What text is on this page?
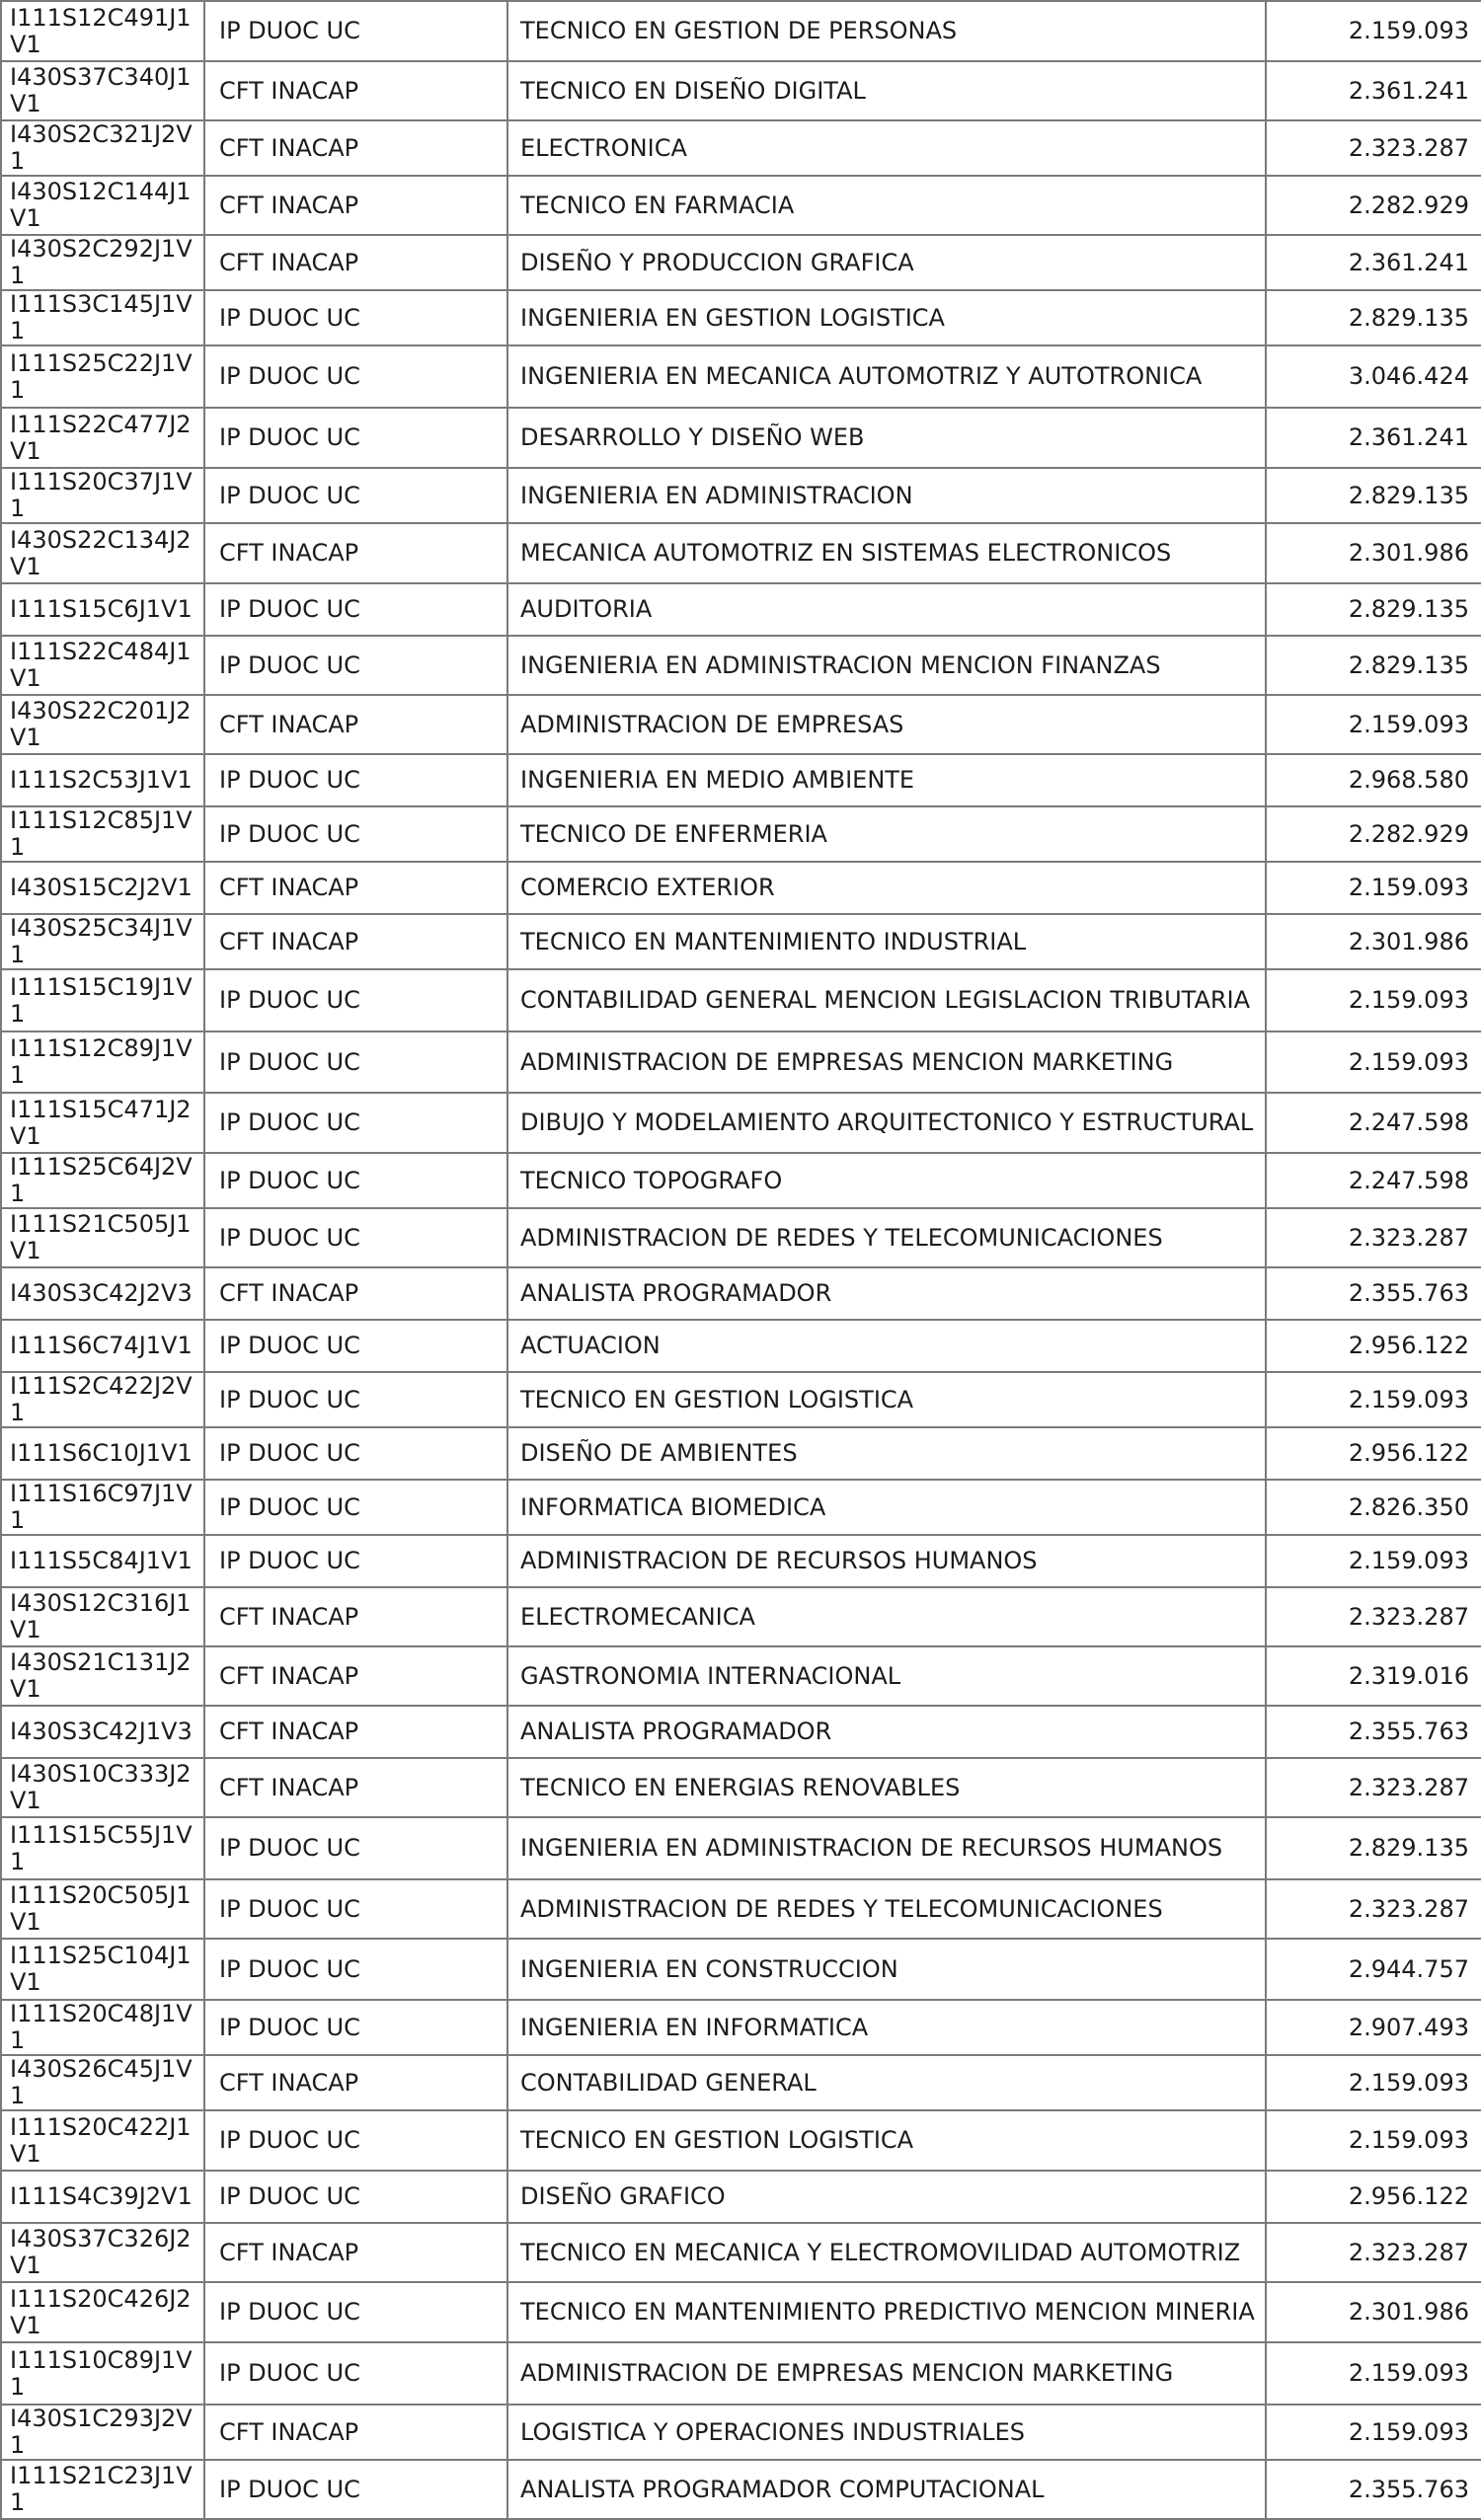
I111S12C491J1V1	IP DUOC UC	TECNICO EN GESTION DE PERSONAS	2.159.093
I430S37C340J1V1	CFT INACAP	TECNICO EN DISEÑO DIGITAL	2.361.241
I430S2C321J2V1	CFT INACAP	ELECTRONICA	2.323.287
I430S12C144J1V1	CFT INACAP	TECNICO EN FARMACIA	2.282.929
I430S2C292J1V1	CFT INACAP	DISEÑO Y PRODUCCION GRAFICA	2.361.241
I111S3C145J1V1	IP DUOC UC	INGENIERIA EN GESTION LOGISTICA	2.829.135
I111S25C22J1V1	IP DUOC UC	INGENIERIA EN MECANICA AUTOMOTRIZ Y AUTOTRONICA	3.046.424
I111S22C477J2V1	IP DUOC UC	DESARROLLO Y DISEÑO WEB	2.361.241
I111S20C37J1V1	IP DUOC UC	INGENIERIA EN ADMINISTRACION	2.829.135
I430S22C134J2V1	CFT INACAP	MECANICA AUTOMOTRIZ EN SISTEMAS ELECTRONICOS	2.301.986
I111S15C6J1V1	IP DUOC UC	AUDITORIA	2.829.135
I111S22C484J1V1	IP DUOC UC	INGENIERIA EN ADMINISTRACION MENCION FINANZAS	2.829.135
I430S22C201J2V1	CFT INACAP	ADMINISTRACION DE EMPRESAS	2.159.093
I111S2C53J1V1	IP DUOC UC	INGENIERIA EN MEDIO AMBIENTE	2.968.580
I111S12C85J1V1	IP DUOC UC	TECNICO DE ENFERMERIA	2.282.929
I430S15C2J2V1	CFT INACAP	COMERCIO EXTERIOR	2.159.093
I430S25C34J1V1	CFT INACAP	TECNICO EN MANTENIMIENTO INDUSTRIAL	2.301.986
I111S15C19J1V1	IP DUOC UC	CONTABILIDAD GENERAL MENCION LEGISLACION TRIBUTARIA	2.159.093
I111S12C89J1V1	IP DUOC UC	ADMINISTRACION DE EMPRESAS MENCION MARKETING	2.159.093
I111S15C471J2V1	IP DUOC UC	DIBUJO Y MODELAMIENTO ARQUITECTONICO Y ESTRUCTURAL	2.247.598
I111S25C64J2V1	IP DUOC UC	TECNICO TOPOGRAFO	2.247.598
I111S21C505J1V1	IP DUOC UC	ADMINISTRACION DE REDES Y TELECOMUNICACIONES	2.323.287
I430S3C42J2V3	CFT INACAP	ANALISTA PROGRAMADOR	2.355.763
I111S6C74J1V1	IP DUOC UC	ACTUACION	2.956.122
I111S2C422J2V1	IP DUOC UC	TECNICO EN GESTION LOGISTICA	2.159.093
I111S6C10J1V1	IP DUOC UC	DISEÑO DE AMBIENTES	2.956.122
I111S16C97J1V1	IP DUOC UC	INFORMATICA BIOMEDICA	2.826.350
I111S5C84J1V1	IP DUOC UC	ADMINISTRACION DE RECURSOS HUMANOS	2.159.093
I430S12C316J1V1	CFT INACAP	ELECTROMECANICA	2.323.287
I430S21C131J2V1	CFT INACAP	GASTRONOMIA INTERNACIONAL	2.319.016
I430S3C42J1V3	CFT INACAP	ANALISTA PROGRAMADOR	2.355.763
I430S10C333J2V1	CFT INACAP	TECNICO EN ENERGIAS RENOVABLES	2.323.287
I111S15C55J1V1	IP DUOC UC	INGENIERIA EN ADMINISTRACION DE RECURSOS HUMANOS	2.829.135
I111S20C505J1V1	IP DUOC UC	ADMINISTRACION DE REDES Y TELECOMUNICACIONES	2.323.287
I111S25C104J1V1	IP DUOC UC	INGENIERIA EN CONSTRUCCION	2.944.757
I111S20C48J1V1	IP DUOC UC	INGENIERIA EN INFORMATICA	2.907.493
I430S26C45J1V1	CFT INACAP	CONTABILIDAD GENERAL	2.159.093
I111S20C422J1V1	IP DUOC UC	TECNICO EN GESTION LOGISTICA	2.159.093
I111S4C39J2V1	IP DUOC UC	DISEÑO GRAFICO	2.956.122
I430S37C326J2V1	CFT INACAP	TECNICO EN MECANICA Y ELECTROMOVILIDAD AUTOMOTRIZ	2.323.287
I111S20C426J2V1	IP DUOC UC	TECNICO EN MANTENIMIENTO PREDICTIVO MENCION MINERIA	2.301.986
I111S10C89J1V1	IP DUOC UC	ADMINISTRACION DE EMPRESAS MENCION MARKETING	2.159.093
I430S1C293J2V1	CFT INACAP	LOGISTICA Y OPERACIONES INDUSTRIALES	2.159.093
I111S21C23J1V1	IP DUOC UC	ANALISTA PROGRAMADOR COMPUTACIONAL	2.355.763
